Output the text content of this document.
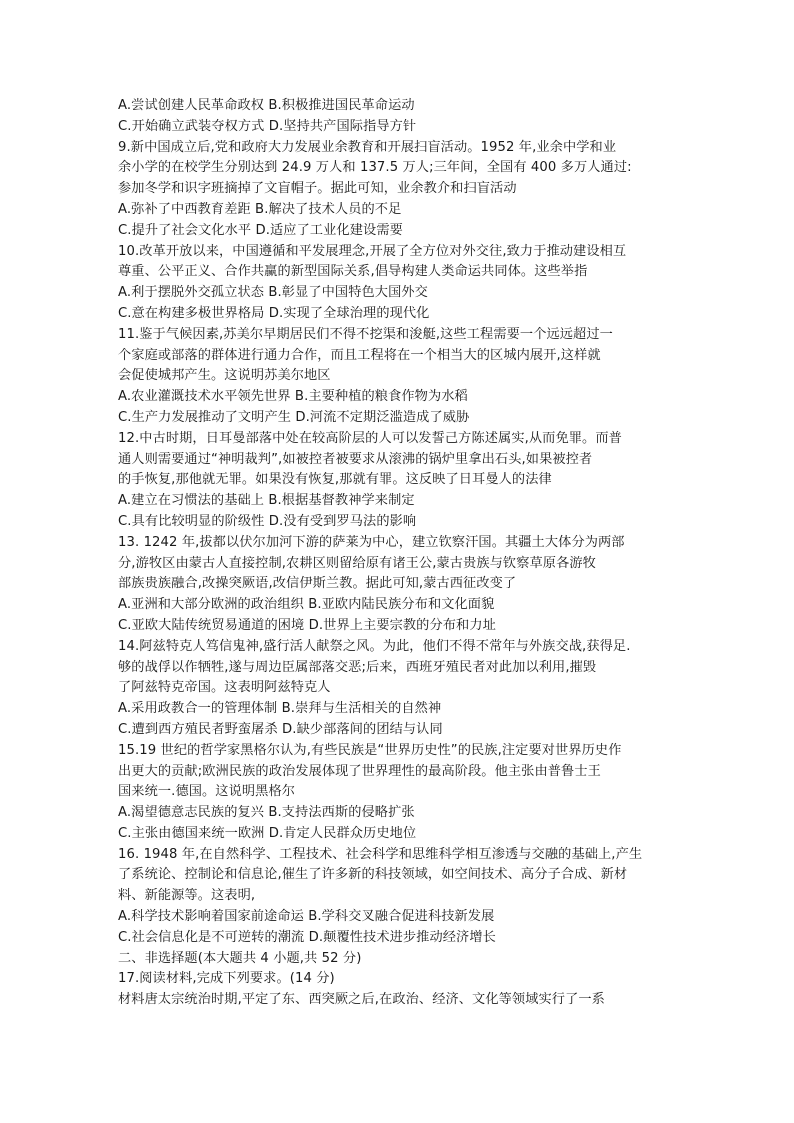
A.尝试创建人民革命政权 B.积极推进国民革命运动
C.开始确立武装夺权方式 D.坚持共产国际指导方针
9.新中国成立后,党和政府大力发展业余教育和开展扫盲活动。1952 年,业余中学和业
余小学的在校学生分别达到 24.9 万人和 137.5 万人;三年间，全国有 400 多万人通过:
参加冬学和识字班摘掉了文盲帽子。据此可知，业余教介和扫盲活动
A.弥补了中西教育差距 B.解决了技术人员的不足
C.提升了社会文化水平 D.适应了工业化建设需要
10.改革开放以来，中国遵循和平发展理念,开展了全方位对外交往,致力于推动建设相互
尊重、公平正义、合作共赢的新型国际关系,倡导构建人类命运共同体。这些举指
A.利于摆脱外交孤立状态 B.彰显了中国特色大国外交
C.意在构建多极世界格局 D.实现了全球治理的现代化
11.鉴于气候因素,苏美尔早期居民们不得不挖渠和浚艇,这些工程需要一个远远超过一
个家庭或部落的群体进行通力合作，而且工程将在一个相当大的区城内展开,这样就
会促使城邦产生。这说明苏美尔地区
A.农业灌溉技术水平领先世界 B.主要种植的粮食作物为水稻
C.生产力发展推动了文明产生 D.河流不定期泛滥造成了威胁
12.中古时期，日耳曼部落中处在较高阶层的人可以发誓己方陈述属实,从而免罪。而普
通人则需要通过“神明裁判”,如被控者被要求从滚沸的锅炉里拿出石头,如果被控者
的手恢复,那他就无罪。如果没有恢复,那就有罪。这反映了日耳曼人的法律
A.建立在习惯法的基础上 B.根据基督教神学来制定
C.具有比较明显的阶级性 D.没有受到罗马法的影响
13. 1242 年,拔都以伏尔加河下游的萨莱为中心，建立钦察汗国。其疆土大体分为两部
分,游牧区由蒙古人直接控制,农耕区则留给原有诸王公,蒙古贵族与钦察草原各游牧
部族贵族融合,改操突厥语,改信伊斯兰教。据此可知,蒙古西征改变了
A.亚洲和大部分欧洲的政治组织 B.亚欧内陆民族分布和文化面貌
C.亚欧大陆传统贸易通道的困境 D.世界上主要宗教的分布和力址
14.阿兹特克人笃信鬼神,盛行活人献祭之风。为此，他们不得不常年与外族交战,获得足.
够的战俘以作牺牲,遂与周边臣属部落交恶;后来，西班牙殖民者对此加以利用,摧毁
了阿兹特克帝国。这表明阿兹特克人
A.采用政教合一的管理体制 B.崇拜与生活相关的自然神
C.遭到西方殖民者野蛮屠杀 D.缺少部落间的团结与认同
15.19 世纪的哲学家黑格尔认为,有些民族是“世界历史性”的民族,注定要对世界历史作
出更大的贡献;欧洲民族的政治发展体现了世界理性的最高阶段。他主张由普鲁士王
国来统一.德国。这说明黑格尔
A.渴望德意志民族的复兴 B.支持法西斯的侵略扩张
C.主张由德国来统一欧洲 D.肯定人民群众历史地位
16. 1948 年,在自然科学、工程技术、社会科学和思维科学相互渗透与交融的基础上,产生
了系统论、控制论和信息论,催生了许多新的科技领域，如空间技术、高分子合成、新材
料、新能源等。这表明,
A.科学技术影响着国家前途命运 B.学科交叉融合促进科技新发展
C.社会信息化是不可逆转的潮流 D.颠覆性技术进步推动经济增长
二、非选择题(本大题共 4 小题,共 52 分)
17.阅读材料,完成下列要求。(14 分)
材料唐太宗统治时期,平定了东、西突厥之后,在政治、经济、文化等领域实行了一系
